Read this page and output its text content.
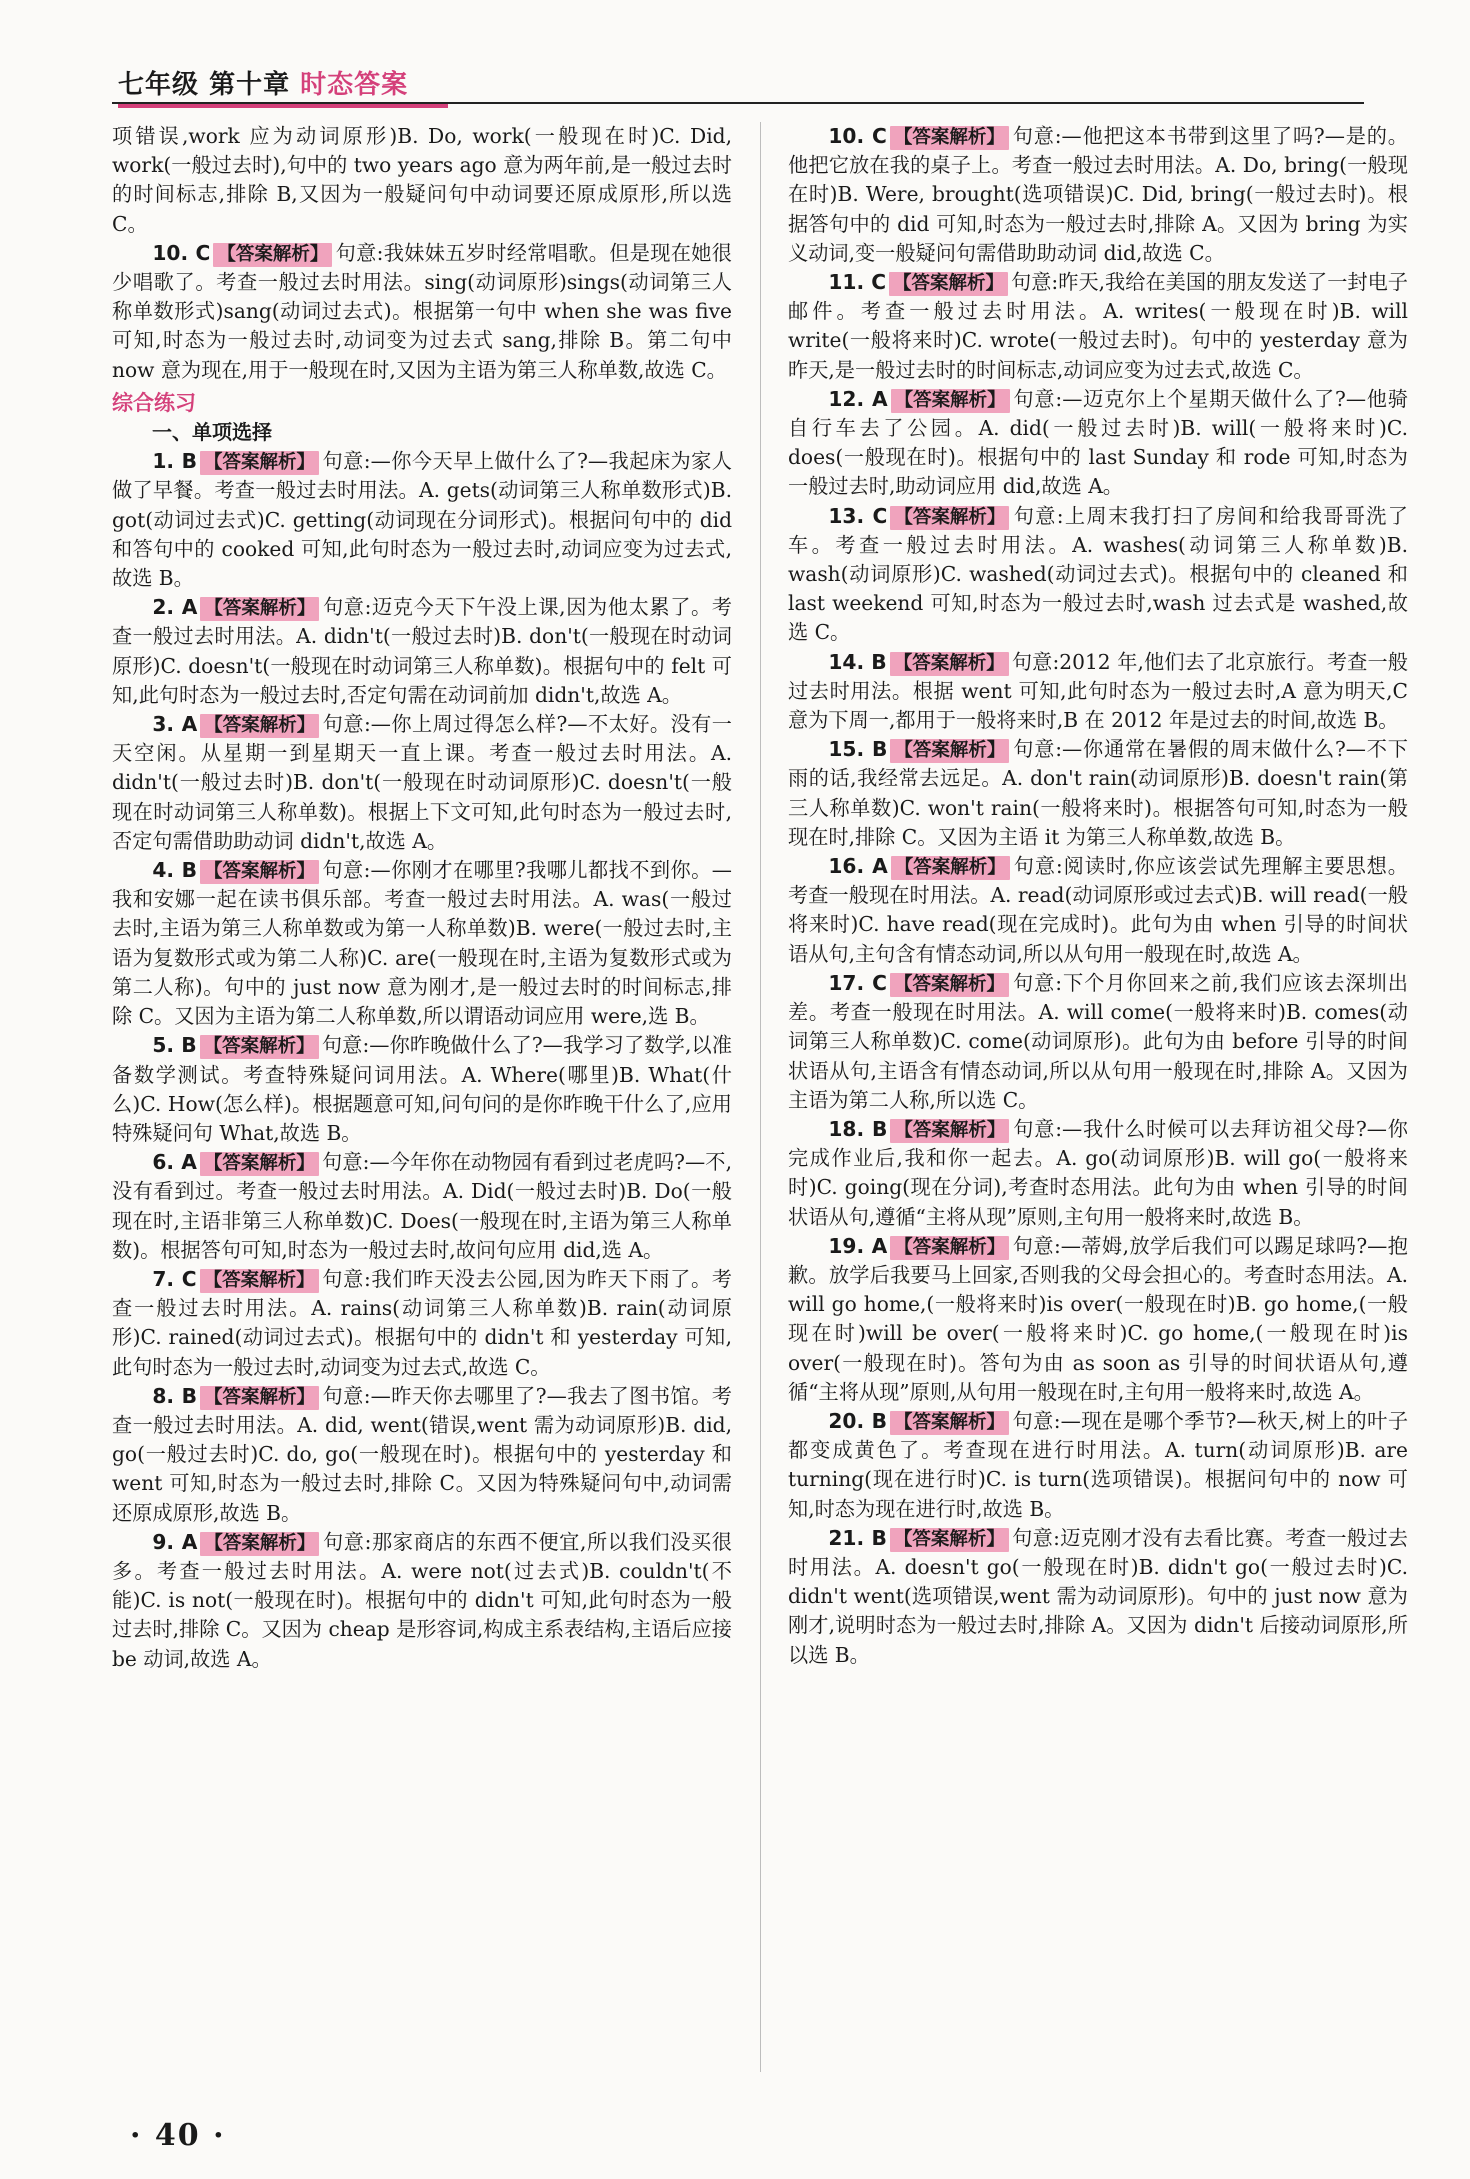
七年级 第十章 时态答案

项错误,work 应为动词原形)B. Do, work(一般现在时)C. Did, work(一般过去时),句中的 two years ago 意为两年前,是一般过去时的时间标志,排除 B,又因为一般疑问句中动词要还原成原形,所以选 C。

10. C 【答案解析】 句意:我妹妹五岁时经常唱歌。但是现在她很少唱歌了。考查一般过去时用法。sing(动词原形)sings(动词第三人称单数形式)sang(动词过去式)。根据第一句中 when she was five 可知,时态为一般过去时,动词变为过去式 sang,排除 B。第二句中 now 意为现在,用于一般现在时,又因为主语为第三人称单数,故选 C。

综合练习

一、单项选择

1. B 【答案解析】 句意:—你今天早上做什么了?—我起床为家人做了早餐。考查一般过去时用法。A. gets(动词第三人称单数形式)B. got(动词过去式)C. getting(动词现在分词形式)。根据问句中的 did 和答句中的 cooked 可知,此句时态为一般过去时,动词应变为过去式,故选 B。

2. A 【答案解析】 句意:迈克今天下午没上课,因为他太累了。考查一般过去时用法。A. didn't(一般过去时)B. don't(一般现在时动词原形)C. doesn't(一般现在时动词第三人称单数)。根据句中的 felt 可知,此句时态为一般过去时,否定句需在动词前加 didn't,故选 A。

3. A 【答案解析】 句意:—你上周过得怎么样?—不太好。没有一天空闲。从星期一到星期天一直上课。考查一般过去时用法。A. didn't(一般过去时)B. don't(一般现在时动词原形)C. doesn't(一般现在时动词第三人称单数)。根据上下文可知,此句时态为一般过去时,否定句需借助助动词 didn't,故选 A。

4. B 【答案解析】 句意:—你刚才在哪里?我哪儿都找不到你。—我和安娜一起在读书俱乐部。考查一般过去时用法。A. was(一般过去时,主语为第三人称单数或为第一人称单数)B. were(一般过去时,主语为复数形式或为第二人称)C. are(一般现在时,主语为复数形式或为第二人称)。句中的 just now 意为刚才,是一般过去时的时间标志,排除 C。又因为主语为第二人称单数,所以谓语动词应用 were,选 B。

5. B 【答案解析】 句意:—你昨晚做什么了?—我学习了数学,以准备数学测试。考查特殊疑问词用法。A. Where(哪里)B. What(什么)C. How(怎么样)。根据题意可知,问句问的是你昨晚干什么了,应用特殊疑问句 What,故选 B。

6. A 【答案解析】 句意:—今年你在动物园有看到过老虎吗?—不,没有看到过。考查一般过去时用法。A. Did(一般过去时)B. Do(一般现在时,主语非第三人称单数)C. Does(一般现在时,主语为第三人称单数)。根据答句可知,时态为一般过去时,故问句应用 did,选 A。

7. C 【答案解析】 句意:我们昨天没去公园,因为昨天下雨了。考查一般过去时用法。A. rains(动词第三人称单数)B. rain(动词原形)C. rained(动词过去式)。根据句中的 didn't 和 yesterday 可知,此句时态为一般过去时,动词变为过去式,故选 C。

8. B 【答案解析】 句意:—昨天你去哪里了?—我去了图书馆。考查一般过去时用法。A. did, went(错误,went 需为动词原形)B. did, go(一般过去时)C. do, go(一般现在时)。根据句中的 yesterday 和 went 可知,时态为一般过去时,排除 C。又因为特殊疑问句中,动词需还原成原形,故选 B。

9. A 【答案解析】 句意:那家商店的东西不便宜,所以我们没买很多。考查一般过去时用法。A. were not(过去式)B. couldn't(不能)C. is not(一般现在时)。根据句中的 didn't 可知,此句时态为一般过去时,排除 C。又因为 cheap 是形容词,构成主系表结构,主语后应接 be 动词,故选 A。

10. C 【答案解析】 句意:—他把这本书带到这里了吗?—是的。他把它放在我的桌子上。考查一般过去时用法。A. Do, bring(一般现在时)B. Were, brought(选项错误)C. Did, bring(一般过去时)。根据答句中的 did 可知,时态为一般过去时,排除 A。又因为 bring 为实义动词,变一般疑问句需借助助动词 did,故选 C。

11. C 【答案解析】 句意:昨天,我给在美国的朋友发送了一封电子邮件。考查一般过去时用法。A. writes(一般现在时)B. will write(一般将来时)C. wrote(一般过去时)。句中的 yesterday 意为昨天,是一般过去时的时间标志,动词应变为过去式,故选 C。

12. A 【答案解析】 句意:—迈克尔上个星期天做什么了?—他骑自行车去了公园。A. did(一般过去时)B. will(一般将来时)C. does(一般现在时)。根据句中的 last Sunday 和 rode 可知,时态为一般过去时,助动词应用 did,故选 A。

13. C 【答案解析】 句意:上周末我打扫了房间和给我哥哥洗了车。考查一般过去时用法。A. washes(动词第三人称单数)B. wash(动词原形)C. washed(动词过去式)。根据句中的 cleaned 和 last weekend 可知,时态为一般过去时,wash 过去式是 washed,故选 C。

14. B 【答案解析】 句意:2012 年,他们去了北京旅行。考查一般过去时用法。根据 went 可知,此句时态为一般过去时,A 意为明天,C 意为下周一,都用于一般将来时,B 在 2012 年是过去的时间,故选 B。

15. B 【答案解析】 句意:—你通常在暑假的周末做什么?—不下雨的话,我经常去远足。A. don't rain(动词原形)B. doesn't rain(第三人称单数)C. won't rain(一般将来时)。根据答句可知,时态为一般现在时,排除 C。又因为主语 it 为第三人称单数,故选 B。

16. A 【答案解析】 句意:阅读时,你应该尝试先理解主要思想。考查一般现在时用法。A. read(动词原形或过去式)B. will read(一般将来时)C. have read(现在完成时)。此句为由 when 引导的时间状语从句,主句含有情态动词,所以从句用一般现在时,故选 A。

17. C 【答案解析】 句意:下个月你回来之前,我们应该去深圳出差。考查一般现在时用法。A. will come(一般将来时)B. comes(动词第三人称单数)C. come(动词原形)。此句为由 before 引导的时间状语从句,主语含有情态动词,所以从句用一般现在时,排除 A。又因为主语为第二人称,所以选 C。

18. B 【答案解析】 句意:—我什么时候可以去拜访祖父母?—你完成作业后,我和你一起去。A. go(动词原形)B. will go(一般将来时)C. going(现在分词),考查时态用法。此句为由 when 引导的时间状语从句,遵循“主将从现”原则,主句用一般将来时,故选 B。

19. A 【答案解析】 句意:—蒂姆,放学后我们可以踢足球吗?—抱歉。放学后我要马上回家,否则我的父母会担心的。考查时态用法。A. will go home,(一般将来时)is over(一般现在时)B. go home,(一般现在时)will be over(一般将来时)C. go home,(一般现在时)is over(一般现在时)。答句为由 as soon as 引导的时间状语从句,遵循“主将从现”原则,从句用一般现在时,主句用一般将来时,故选 A。

20. B 【答案解析】 句意:—现在是哪个季节?—秋天,树上的叶子都变成黄色了。考查现在进行时用法。A. turn(动词原形)B. are turning(现在进行时)C. is turn(选项错误)。根据问句中的 now 可知,时态为现在进行时,故选 B。

21. B 【答案解析】 句意:迈克刚才没有去看比赛。考查一般过去时用法。A. doesn't go(一般现在时)B. didn't go(一般过去时)C. didn't went(选项错误,went 需为动词原形)。句中的 just now 意为刚才,说明时态为一般过去时,排除 A。又因为 didn't 后接动词原形,所以选 B。

· 40 ·
